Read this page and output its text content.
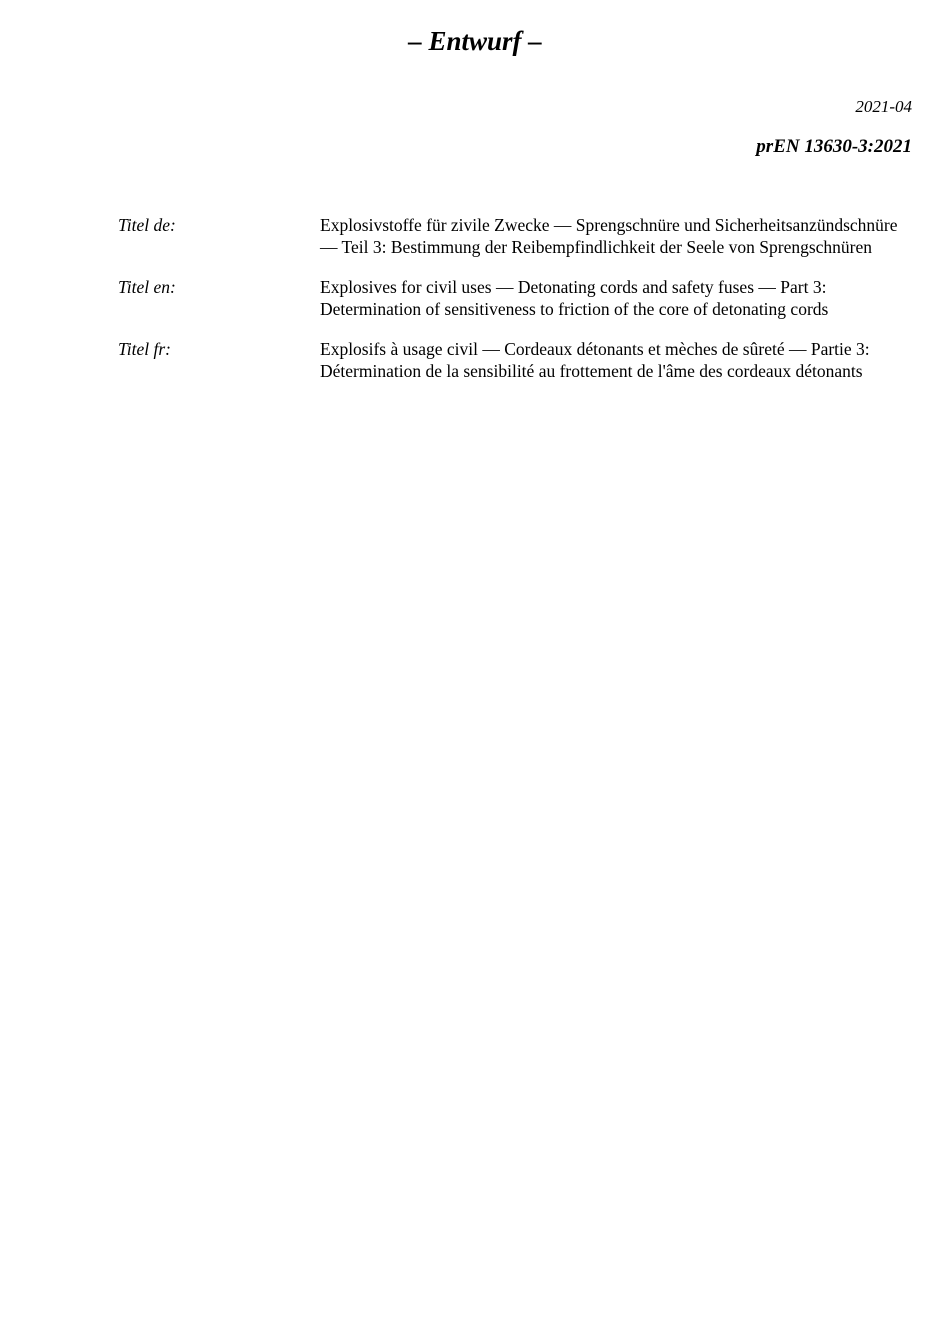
– Entwurf –
2021-04
prEN 13630-3:2021
Titel de:	Explosivstoffe für zivile Zwecke — Sprengschnüre und Sicherheitsanzündschnüre — Teil 3: Bestimmung der Reibempfindlichkeit der Seele von Sprengschnüren
Titel en:	Explosives for civil uses — Detonating cords and safety fuses — Part 3: Determination of sensitiveness to friction of the core of detonating cords
Titel fr:	Explosifs à usage civil — Cordeaux détonants et mèches de sûreté — Partie 3: Détermination de la sensibilité au frottement de l'âme des cordeaux détonants
